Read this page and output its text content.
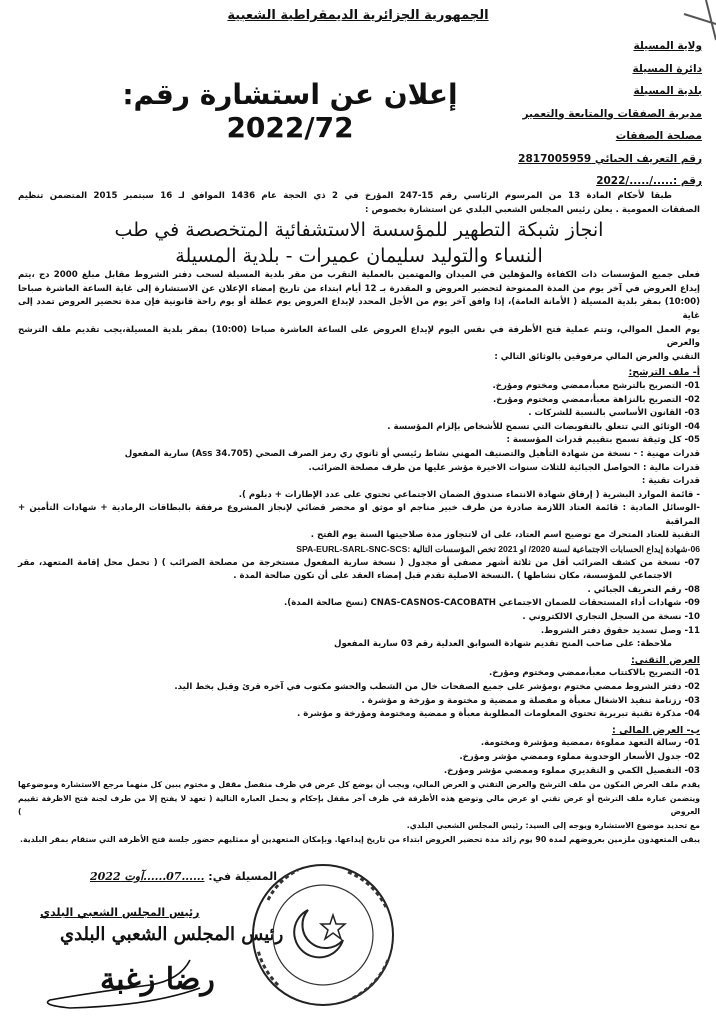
الجمهورية الجزائرية الديمقراطية الشعبية
ولاية المسيلة
دائرة المسيلة
بلدية المسيلة
مديرية الصفقات والمتابعة والتعمير
مصلحة الصفقات
رقم التعريف الجبائي 2817005959
رقم :...../...../2022
إعلان عن استشارة رقم: 2022/72
طبقا لأحكام المادة 13 من المرسوم الرئاسي رقم 15-247 المؤرخ في 2 ذي الحجة عام 1436 الموافق لـ 16 سبتمبر 2015 المتضمن تنظيم
الصفقات العمومية . يعلن رئيس المجلس الشعبي البلدي عن استشارة بخصوص :
انجاز شبكة التطهير للمؤسسة الاستشفائية المتخصصة في طب
النساء والتوليد سليمان عميرات - بلدية المسيلة
فعلى جميع المؤسسات ذات الكفاءة والمؤهلين في الميدان والمهتمين بالعملية التقرب من مقر بلدية المسيلة لسحب دفتر الشروط مقابل مبلغ 2000 دج ،يتم
إيداع العروض في آخر يوم من المدة الممنوحة لتحضير العروض و المقدرة بـ 12 أيام ابتداء من تاريخ إمضاء الإعلان عن الاستشارة إلى غاية الساعة العاشرة صباحا
(10:00) بمقر بلدية المسيلة ( الأمانة العامة)، إذا وافق آخر يوم من الأجل المحدد لإيداع العروض يوم عطلة أو يوم راحة قانونية فإن مدة تحضير العروض تمدد إلى غاية
يوم العمل الموالي، وتتم عملية فتح الأظرفة في نفس اليوم لإيداع العروض على الساعة العاشرة صباحا (10:00) بمقر بلدية المسيلة،يجب تقديم ملف الترشح والعرض
التقني والعرض المالي مرفوقين بالوثائق التالي :
أ- ملف الترشح:
01- التصريح بالترشح معبأ،ممضي ومختوم ومؤرخ.
02- التصريح بالنزاهة معبأ،ممضي ومختوم ومؤرخ.
03- القانون الأساسي بالنسبة للشركات .
04- الوثائق التي تتعلق بالتفويضات التي تسمح للأشخاص بإلزام المؤسسة .
05- كل وثيقة تسمح بتقييم قدرات المؤسسة :
قدرات مهنية : - نسخة من شهادة التأهيل والتصنيف المهني نشاط رئيسي أو ثانوي ري رمز الصرف الصحي (34.705 Ass) سارية المفعول
قدرات مالية : الحواصل الجبائية للثلاث سنوات الاخيرة مؤشر عليها من طرف مصلحة الضرائب.
قدرات تقنية :
- قائمة الموارد البشرية ( إرفاق شهادة الانتماء صندوق الضمان الاجتماعي تحتوي على عدد الإطارات + دبلوم ).
-الوسائل المادية : قائمة العتاد اللازمة صادرة من طرف خبير مناجم او موثق او محضر قضائي لإنجاز المشروع مرفقة بالبطاقات الرمادية + شهادات التأمين + المراقبة
التقنية للعتاد المتحرك مع توضيح اسم العتاد، على ان لاتتجاوز مدة صلاحيتها السنة يوم الفتح .
06-شهادة إيداع الحسابات الاجتماعية لسنة 2020/ او 2021 تخص المؤسسات التالية :SPA-EURL-SARL-SNC-SCS
07- نسخة من كشف الضرائب أقل من ثلاثة أشهر مصفى أو مجدول ( نسخة سارية المفعول مستخرجة من مصلحة الضرائب ) ( تحمل محل إقامة المتعهد، مقر
الاجتماعي للمؤسسة، مكان نشاطها ) .النسخة الاصلية تقدم قبل إمضاء العقد على أن تكون صالحة المدة .
08- رقم التعريف الجبائي .
09- شهادات أداء المستحقات للضمان الاجتماعي CNAS-CASNOS-CACOBATH (نسخ صالحة المدة).
10- نسخة من السجل التجاري الالكتروني .
11- وصل تسديد حقوق دفتر الشروط.
ملاحظة: على صاحب المنح تقديم شهادة السوابق العدلية رقم 03 سارية المفعول
العرض التقني:
01- التصريح بالاكتتاب معبأ،ممضي ومختوم ومؤرخ.
02- دفتر الشروط ممضي مختوم ،ومؤشر على جميع الصفحات خال من الشطب والحشو مكتوب في آخره قرئ وقبل بخط اليد.
03- رزنامة تنفيذ الاشغال معبأة و مفصلة و ممضية و مختومة و مؤرخة و مؤشرة .
04- مذكرة تقنية تبريرية تحتوي المعلومات المطلوبة معبأة و ممضية ومختومة ومؤرخة و مؤشرة .
ب- العرض المالي :
01- رسالة التعهد مملوءة ،ممضية ومؤشرة ومختومة.
02- جدول الأسعار الوحدوية مملوء وممضي مؤشر ومؤرخ.
03- التفصيل الكمي و التقديري مملوء وممضي مؤشر ومؤرخ.
يقدم ملف العرض المكون من ملف الترشح والعرض التقني و العرض المالي، ويجب أن يوضع كل عرض في ظرف منفصل مقفل و مختوم يبين كل منهما مرجع الاستشارة وموضوعها
ويتضمن عبارة ملف الترشح أو عرض تقني او عرض مالي وتوضع هذه الأظرفة في ظرف آخر مقفل بإحكام و يحمل العبارة التالية ( تعهد لا يفتح إلا من طرف لجنة فتح الاظرفة تقييم العروض )
مع تحديد موضوع الاستشارة ويوجه إلى السيد: رئيس المجلس الشعبي البلدي.
يبقى المتعهدون ملزمين بعروضهم لمدة 90 يوم زائد مدة تحضير العروض ابتداء من تاريخ إيداعها. وبإمكان المتعهدين أو ممثليهم حضور جلسة فتح الأظرفة التي ستقام بمقر البلدية.
المسيلة في: ......07......آوت 2022
رئيس المجلس الشعبي البلدي
رئيس المجلس الشعبي البلدي
رضا زغبة
